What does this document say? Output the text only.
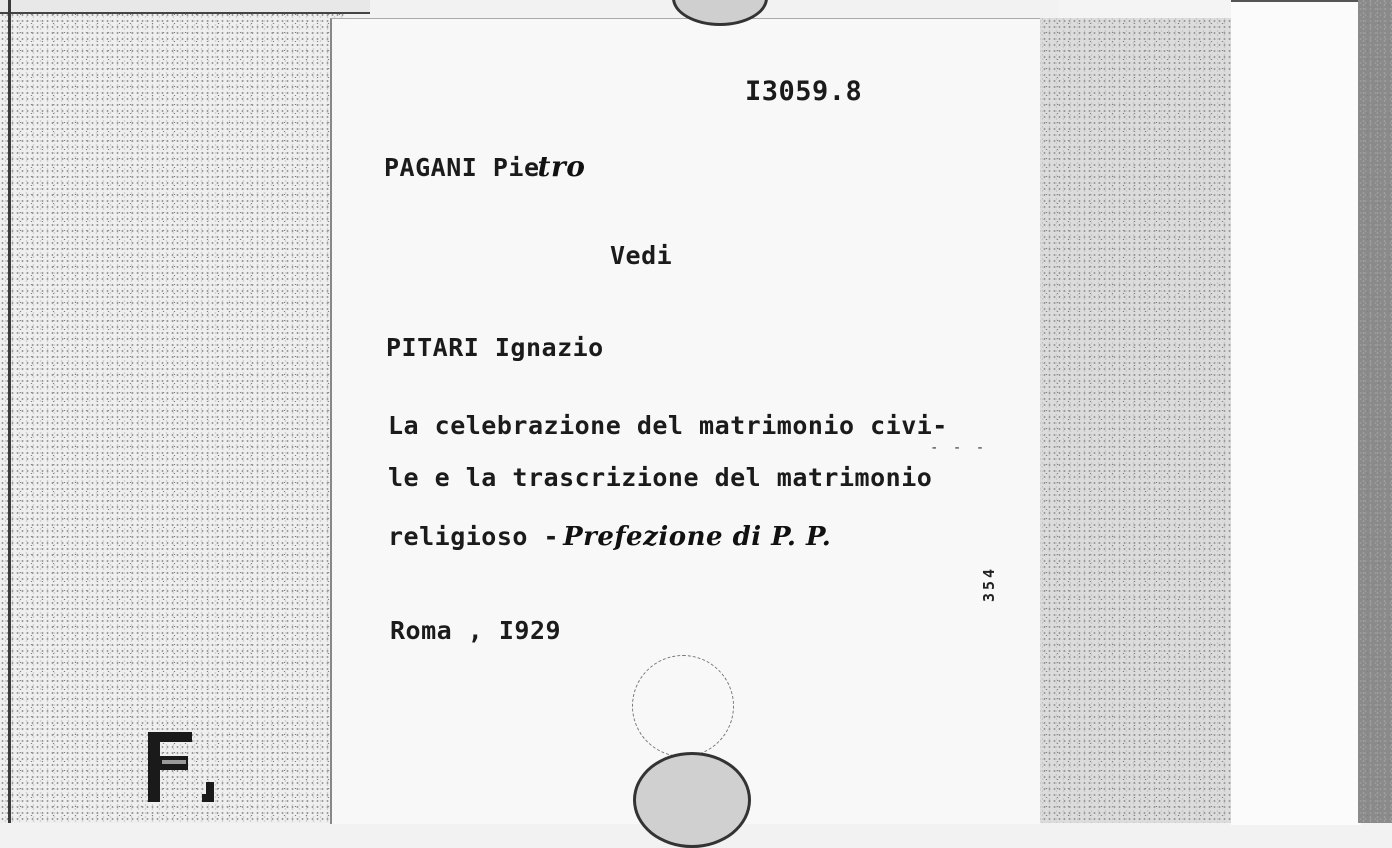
I3059.8
PAGANI Pietro
Vedi
PITARI Ignazio
La celebrazione del matrimonio civi-
- - -
le e la trascrizione del matrimonio
religioso - Prefezione di P. P.
354
Roma , I929
